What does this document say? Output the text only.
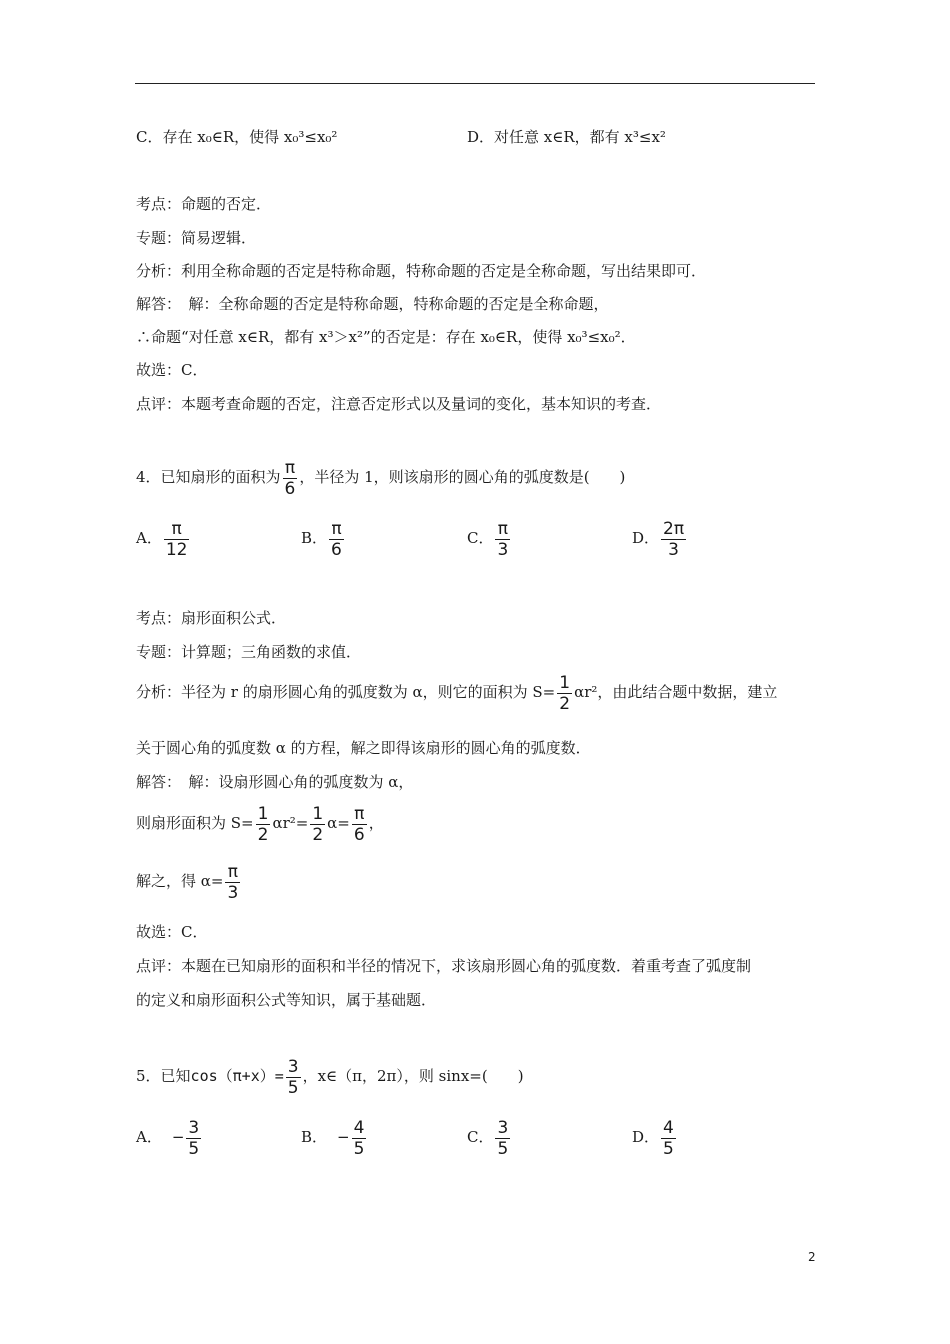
C．存在 x₀∈R，使得 x₀³≤x₀²	D．对任意 x∈R，都有 x³≤x²
考点：命题的否定．
专题：简易逻辑．
分析：利用全称命题的否定是特称命题，特称命题的否定是全称命题，写出结果即可．
解答：　解：全称命题的否定是特称命题，特称命题的否定是全称命题，
∴命题“对任意 x∈R，都有 x³＞x²”的否定是：存在 x₀∈R，使得 x₀³≤x₀²．
故选：C．
点评：本题考查命题的否定，注意否定形式以及量词的变化，基本知识的考查．
4．已知扇形的面积为 $\frac{\pi}{6}$ ，半径为 1，则该扇形的圆心角的弧度数是(　　)
A． $\frac{\pi}{12}$	B． $\frac{\pi}{6}$	C． $\frac{\pi}{3}$	D． $\frac{2\pi}{3}$
考点：扇形面积公式．
专题：计算题；三角函数的求值．
分析：半径为 r 的扇形圆心角的弧度数为 α，则它的面积为 $S= \frac{1}{2} \alpha r^2$，由此结合题中数据，建立
关于圆心角的弧度数 α 的方程，解之即得该扇形的圆心角的弧度数．
解答：　解：设扇形圆心角的弧度数为 α，
则扇形面积为 $S= \frac{1}{2} \alpha r^2= \frac{1}{2} \alpha= \frac{\pi}{6}$ ，
解之，得 $\alpha= \frac{\pi}{3}$
故选：C．
点评：本题在已知扇形的面积和半径的情况下，求该扇形圆心角的弧度数．着重考查了弧度制
的定义和扇形面积公式等知识，属于基础题．
5．已知$\cos(\pi+x)= \frac{3}{5}$ ，x∈（π，2π），则 sinx=(　　)
A． − $\frac{3}{5}$	B． − $\frac{4}{5}$	C． $\frac{3}{5}$	D． $\frac{4}{5}$
2
